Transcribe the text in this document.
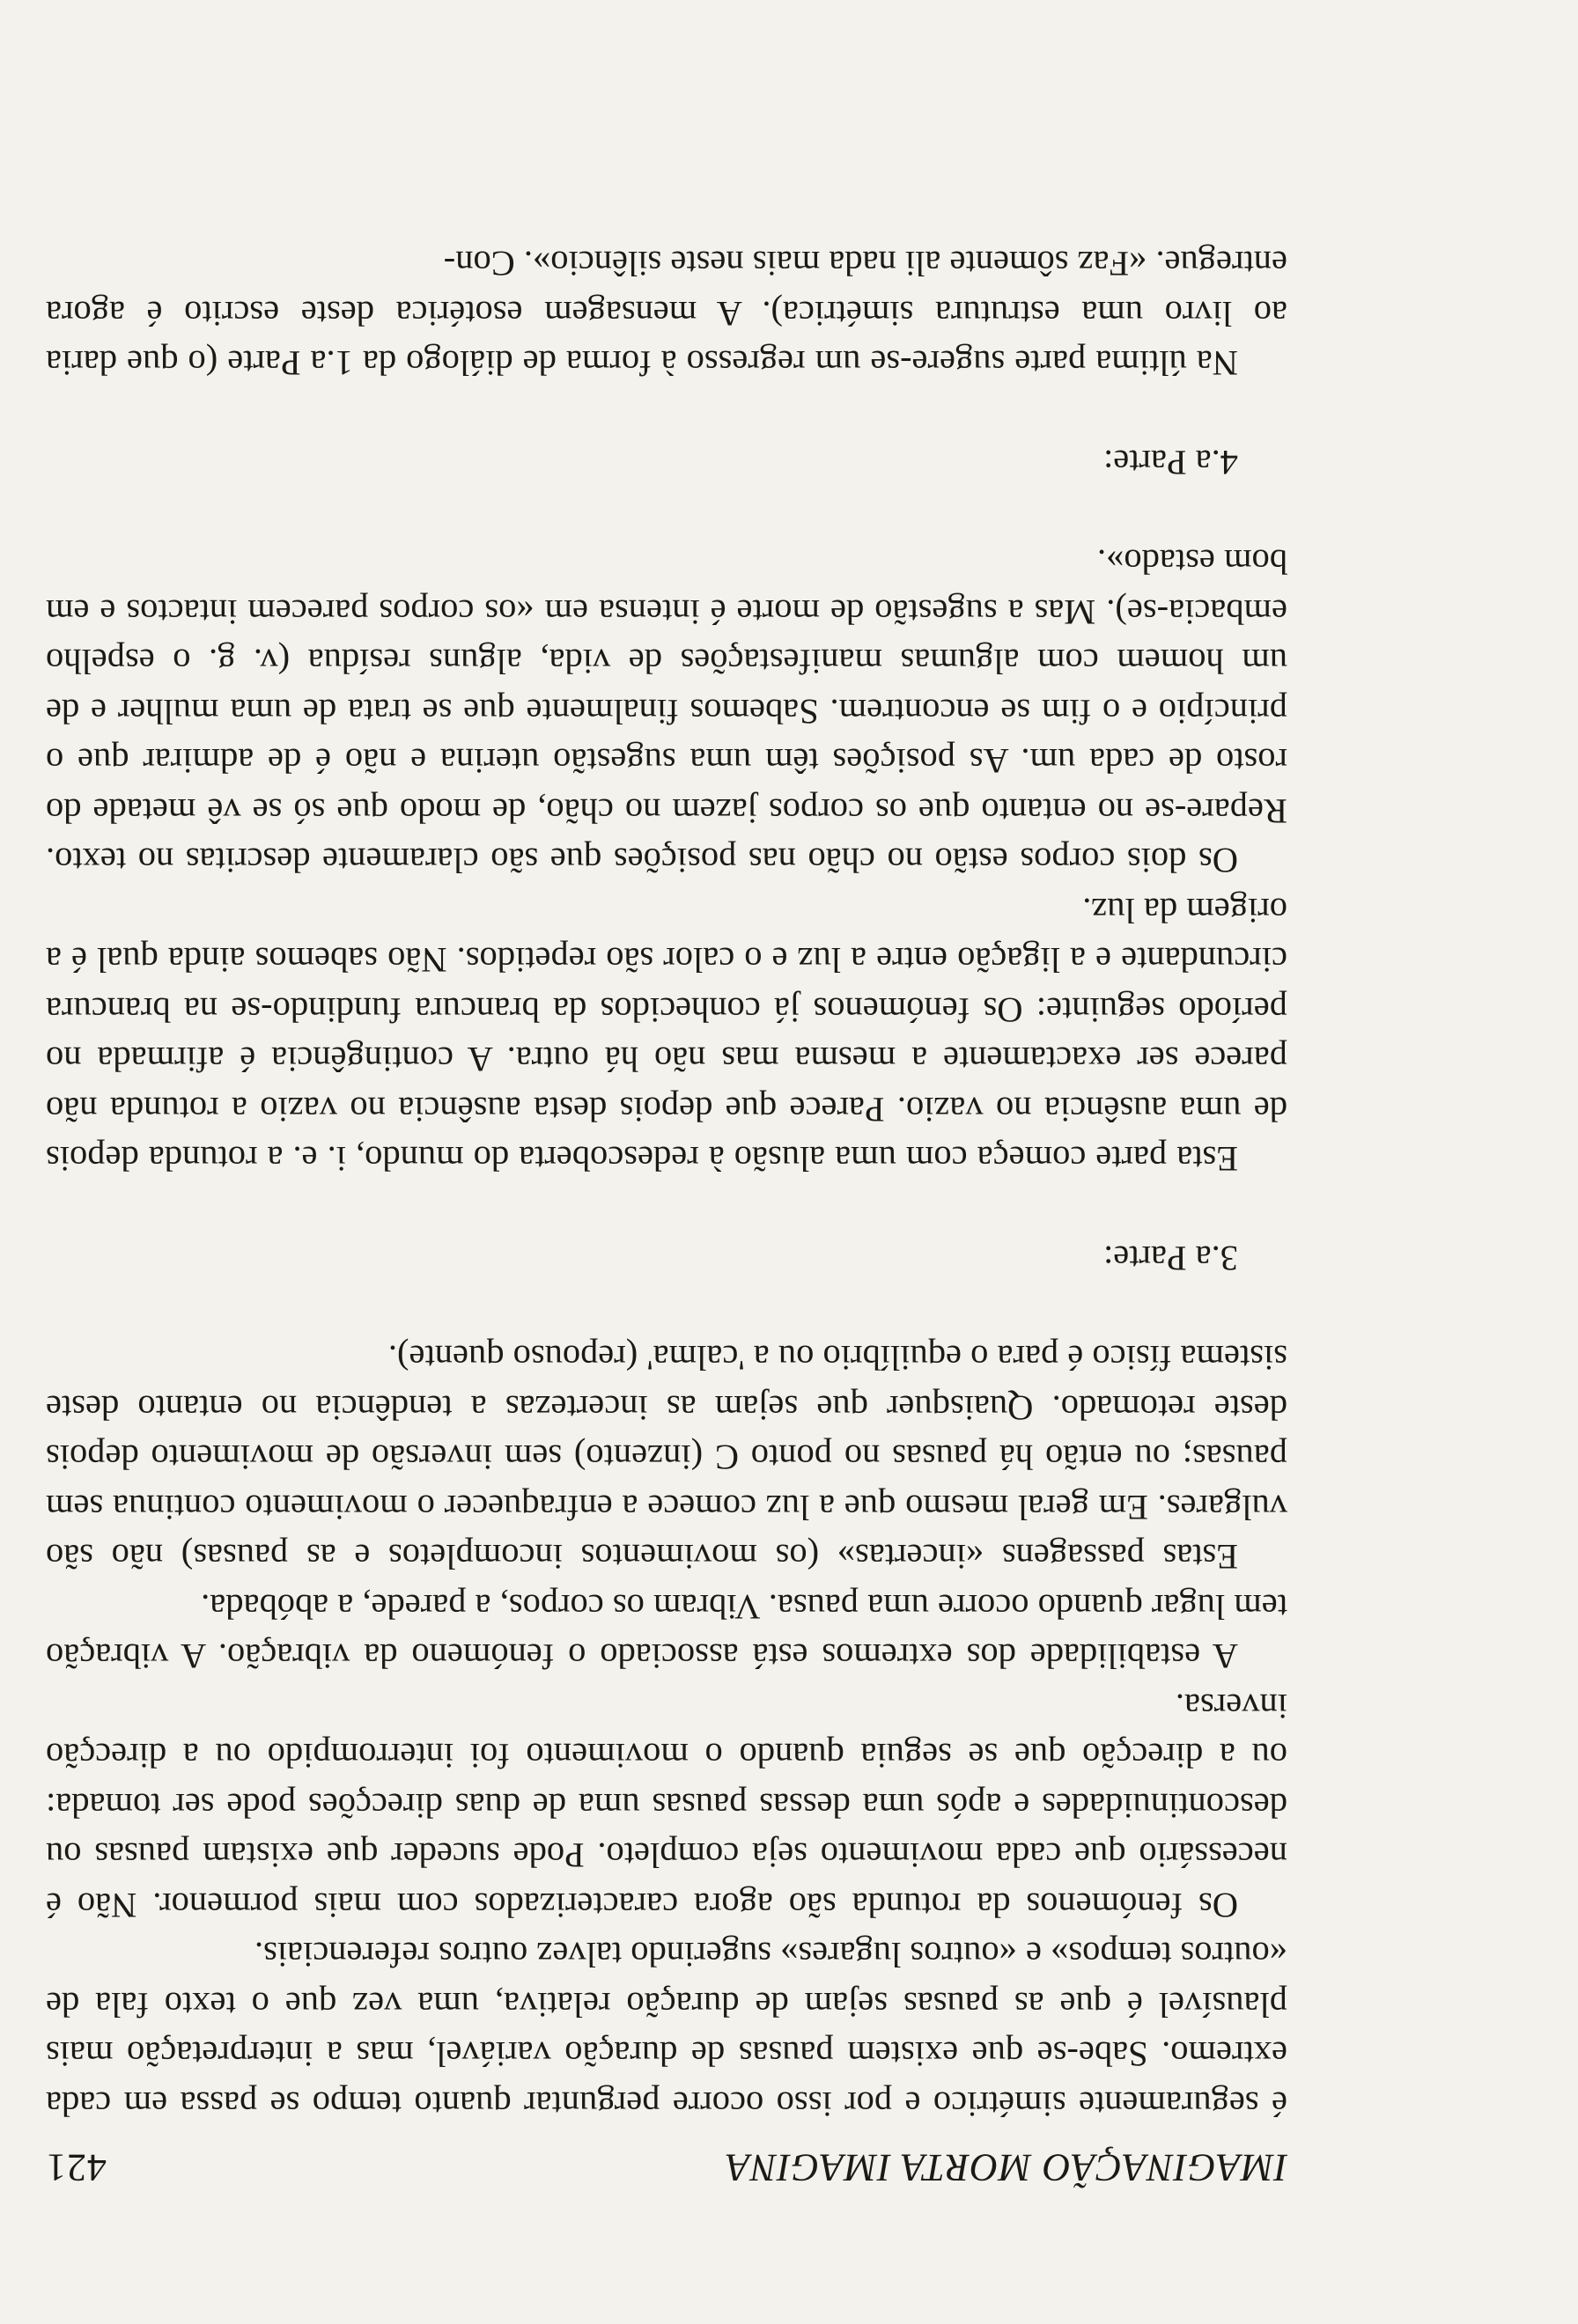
IMAGINAÇÃO MORTA IMAGINA
421

é seguramente simétrico e por isso ocorre perguntar quanto tempo se passa em cada extremo. Sabe-se que existem pausas de duração variável, mas a interpretação mais plausível é que as pausas sejam de duração relativa, uma vez que o texto fala de «outros tempos» e «outros lugares» sugerindo talvez outros referenciais.

Os fenómenos da rotunda são agora caracterizados com mais pormenor. Não é necessário que cada movimento seja completo. Pode suceder que existam pausas ou descontinuidades e após uma dessas pausas uma de duas direcções pode ser tomada: ou a direcção que se seguia quando o movimento foi interrompido ou a direcção inversa.

A estabilidade dos extremos está associado o fenómeno da vibração. A vibração tem lugar quando ocorre uma pausa. Vibram os corpos, a parede, a abóbada.

Estas passagens «incertas» (os movimentos incompletos e as pausas) não são vulgares. Em geral mesmo que a luz comece a enfraquecer o movimento continua sem pausas; ou então há pausas no ponto C (inzento) sem inversão de movimento depois deste retomado. Quaisquer que sejam as incertezas a tendência no entanto deste sistema físico é para o equilíbrio ou a 'calma' (repouso quente).

3.a Parte:

Esta parte começa com uma alusão à redescoberta do mundo, i. e. a rotunda depois de uma ausência no vazio. Parece que depois desta ausência no vazio a rotunda não parece ser exactamente a mesma mas não há outra. A contingência é afirmada no período seguinte: Os fenómenos já conhecidos da brancura fundindo-se na brancura circundante e a ligação entre a luz e o calor são repetidos. Não sabemos ainda qual é a origem da luz.

Os dois corpos estão no chão nas posições que são claramente descritas no texto. Repare-se no entanto que os corpos jazem no chão, de modo que só se vê metade do rosto de cada um. As posições têm uma sugestão uterina e não é de admirar que o princípio e o fim se encontrem. Sabemos finalmente que se trata de uma mulher e de um homem com algumas manifestações de vida, alguns resídua (v. g. o espelho embacia-se). Mas a sugestão de morte é intensa em «os corpos parecem intactos e em bom estado».

4.a Parte:

Na última parte sugere-se um regresso à forma de diálogo da 1.a Parte (o que daria ao livro uma estrutura simétrica). A mensagem esotérica deste escrito é agora entregue. «Faz sômente ali nada mais neste silêncio». Con-
